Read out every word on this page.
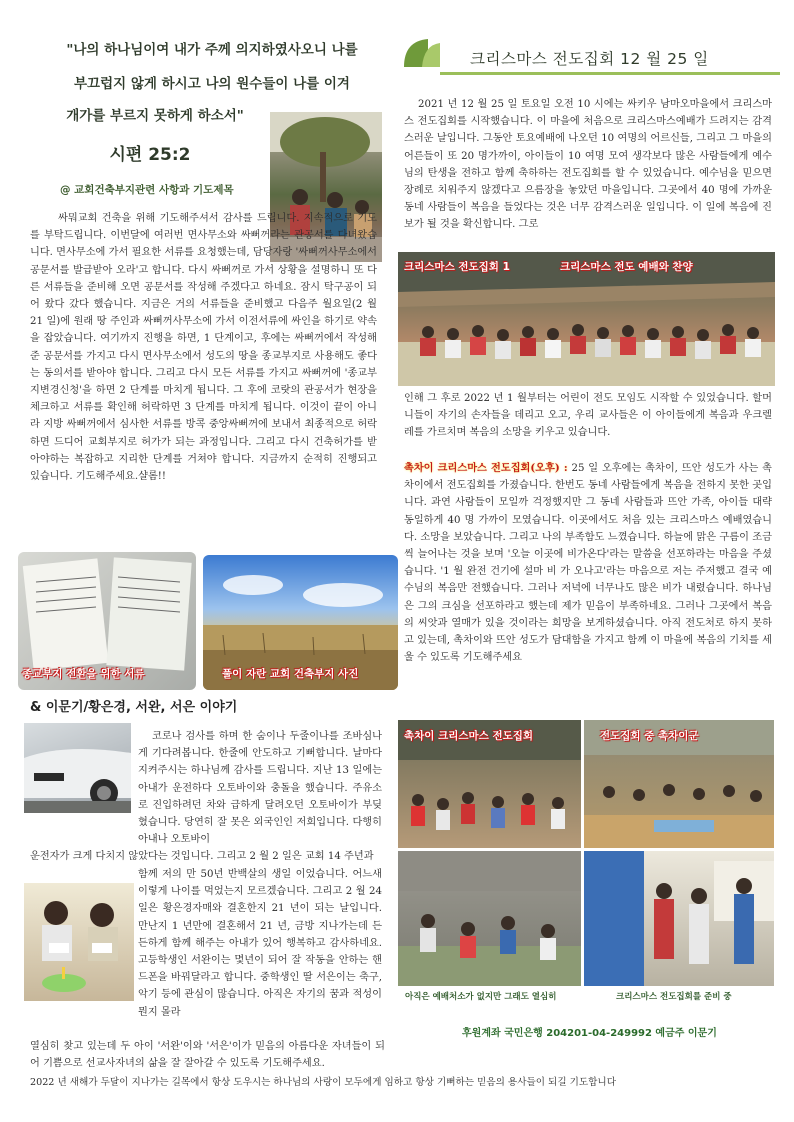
"나의 하나님이여 내가 주께 의지하였사오니 나를
부끄럽지 않게 하시고 나의 원수들이 나를 이겨
개가를 부르지 못하게 하소서"
시편 25:2
크리스마스 전도집회 12 월 25 일
@ 교회건축부지관련 사항과 기도제목
싸뭐교회 건축을 위해 기도해주셔서 감사를 드립니다. 지속적으로 기도를 부탁드립니다. 이번달에 여러번 면사무소와 싸뻐꺼라는 관공서를 다녀왔습니다. 면사무소에 가서 필요한 서류를 요청했는데, 담당자랑 '싸뻐꺼사무소에서 공문서를 발급받아 오라'고 합니다. 다시 싸뻐꺼로 가서 상황을 설명하니 또 다른 서류들을 준비해 오면 공문서를 작성해 주겠다고 하네요. 잠시 탁구공이 되어 왔다 갔다 했습니다. 지금은 거의 서류들을 준비했고 다음주 월요일(2 월 21 일)에 원래 땅 주인과 싸뻐꺼사무소에 가서 이전서류에 싸인을 하기로 약속을 잡았습니다. 여기까지 진행을 하면, 1 단계이고, 후에는 싸뻐꺼에서 작성해준 공문서를 가지고 다시 면사무소에서 성도의 땅을 종교부지로 사용해도 좋다는 동의서를 받아야 합니다. 그리고 다시 모든 서류를 가지고 싸뻐꺼에 '종교부지변경신청'을 하면 2 단계를 마치게 됩니다. 그 후에 코랏의 관공서가 현장을 체크하고 서류를 확인해 허락하면 3 단계를 마치게 됩니다. 이것이 끝이 아니라 지방 싸뻐꺼에서 심사한 서류를 방콕 중앙싸뻐꺼에 보내서 최종적으로 허락하면 드디어 교회부지로 허가가 되는 과정입니다. 그리고 다시 건축허가를 받아야하는 복잡하고 지리한 단계를 거쳐야 합니다. 지금까지 순적히 진행되고 있습니다. 기도해주세요.샬롬!!
종교부지 전환을 위한 서류	풀이 자란 교회 건축부지 사진
2021 년 12 월 25 일 토요일 오전 10 시에는 싸키우 남마오마을에서 크리스마스 전도집회를 시작했습니다. 이 마을에 처음으로 크리스마스예배가 드려지는 감격스러운 날입니다. 그동안 토요예배에 나오던 10 여명의 어르신들, 그리고 그 마을의 어른들이 또 20 명가까이, 아이들이 10 여명 모여 생각보다 많은 사람들에게 예수님의 탄생을 전하고 함께 축하하는 전도집회를 할 수 있었습니다. 예수님을 믿으면 장례로 치워주지 않겠다고 으름장을 놓았던 마을입니다. 그곳에서 40 명에 가까운 동네 사람들이 복음을 들었다는 것은 너무 감격스러운 일입니다. 이 일에 복음에 진보가 될 것을 확신합니다. 그로
크리스마스 전도집회 1	크리스마스 전도 예배와 찬양
인해 그 후로 2022 년 1 월부터는 어린이 전도 모임도 시작할 수 있었습니다. 할머니들이 자기의 손자들을 데리고 오고, 우리 교사들은 이 아이들에게 복음과 우크렐레를 가르치며 복음의 소망을 키우고 있습니다.
촉차이 크리스마스 전도집회(오후) : 25 일 오후에는 촉차이, 뜨안 성도가 사는 촉차이에서 전도집회를 가졌습니다. 한번도 동네 사람들에게 복음을 전하지 못한 곳입니다. 과연 사람들이 모일까 걱정했지만 그 동네 사람들과 뜨안 가족, 아이들 대략 동일하게 40 명 가까이 모였습니다. 이곳에서도 처음 있는 크리스마스 예배였습니다. 소망을 보았습니다. 그리고 나의 부족함도 느꼈습니다. 하늘에 맑은 구름이 조금씩 늘어나는 것을 보며 '오늘 이곳에 비가온다'라는 말씀을 선포하라는 마음을 주셨습니다. '1 월 완전 건기에 설마 비 가 오나고'라는 마음으로 저는 주저했고 결국 예수님의 복음만 전했습니다. 그러나 저녁에 너무나도 많은 비가 내렸습니다. 하나님은 그의 크심을 선포하라고 했는데 제가 믿음이 부족하네요. 그러나 그곳에서 복음의 씨앗과 열매가 있을 것이라는 희망을 보게하셨습니다. 아직 전도처로 하지 못하고 있는데, 촉차이와 뜨안 성도가 담대함을 가지고 함께 이 마을에 복음의 기치를 세울 수 있도록 기도해주세요
& 이문기/황은경, 서완, 서은 이야기
코로나 검사를 하며 한 숨이나 두줄이나를 조바심나게 기다려봅니다. 한줄에 안도하고 기뻐합니다. 날마다 지켜주시는 하나님께 감사를 드립니다. 지난 13 일에는 아내가 운전하다 오토바이와 충돌을 했습니다. 주유소로 진입하려던 차와 급하게 달려오던 오토바이가 부딪혔습니다. 당연히 잘 못은 외국인인 저희입니다. 다행히 아내나 오토바이
운전자가 크게 다치지 않았다는 것입니다. 그리고 2 월 2 일은 교회 14 주년과
함께 저의 만 50년 반백살의 생일 이었습니다. 어느새 이렇게 나이를 먹었는지 모르겠습니다. 그리고 2 월 24 일은 황은경자매와 결혼한지 21 년이 되는 날입니다. 만난지 1 년만에 결혼해서 21 년, 금방 지나가는데 든든하게 함께 해주는 아내가 있어 행복하고 감사하네요. 고등학생인 서완이는 몇년이 되어 잘 작동을 안하는 핸드폰을 바꿔달라고 합니다. 중학생인 딸 서은이는 축구, 악기 등에 관심이 많습니다. 아직은 자기의 꿈과 적성이 뭔지 몰라
열심히 찾고 있는데 두 아이 '서완'이와 '서은'이가 믿음의 아름다운 자녀들이 되어 기쁨으로 선교사자녀의 삶을 잘 잘아갈 수 있도록 기도해주세요.
2022 년 새해가 두달이 지나가는 길목에서 항상 도우시는 하나님의 사랑이 모두에게 임하고 항상 기뻐하는 믿음의 용사들이 되길 기도합니다
촉차이 크리스마스 전도집회	전도집회 중 촉차이군
아직은 예배처소가 없지만 그래도 열심히	크리스마스 전도집회를 준비 중
후원계좌 국민은행 204201-04-249992 예금주 이문기
